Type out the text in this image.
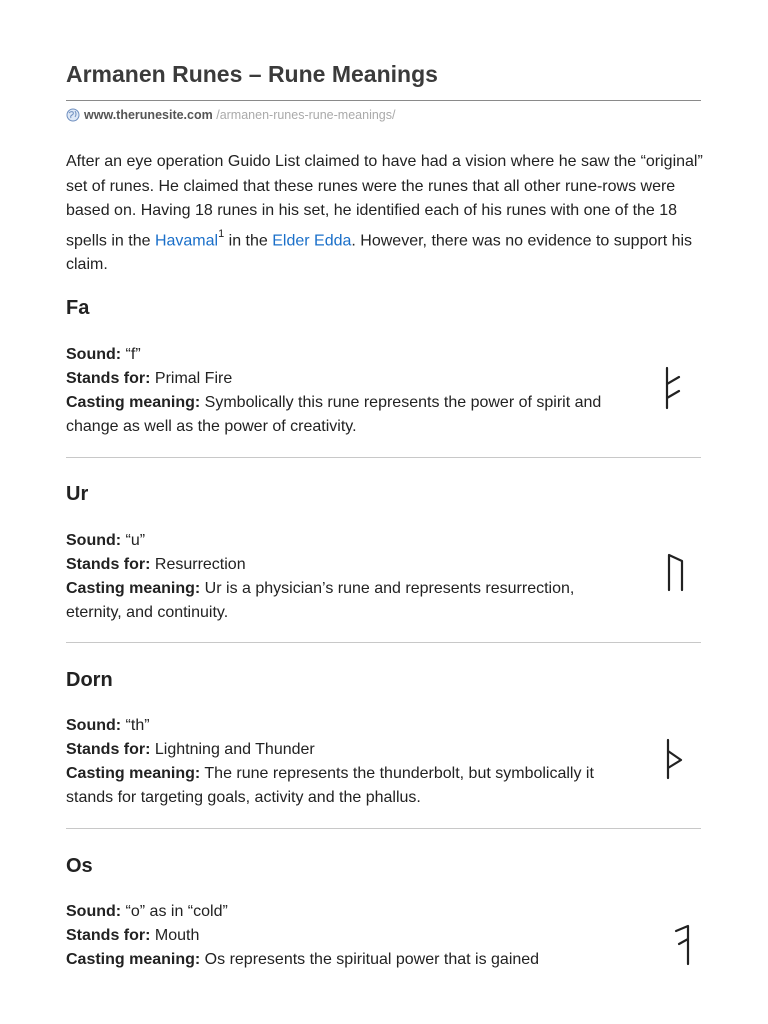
Armanen Runes – Rune Meanings
www.therunesite.com /armanen-runes-rune-meanings/

After an eye operation Guido List claimed to have had a vision where he saw the “original” set of runes. He claimed that these runes were the runes that all other rune-rows were based on. Having 18 runes in his set, he identified each of his runes with one of the 18 spells in the Havamal$^1$ in the Elder Edda. However, there was no evidence to support his claim.

Fa

Sound: “f”
Stands for: Primal Fire
Casting meaning: Symbolically this rune represents the power of spirit and change as well as the power of creativity.

Ur

Sound: “u”
Stands for: Resurrection
Casting meaning: Ur is a physician’s rune and represents resurrection, eternity, and continuity.

Dorn

Sound: “th”
Stands for: Lightning and Thunder
Casting meaning: The rune represents the thunderbolt, but symbolically it stands for targeting goals, activity and the phallus.

Os

Sound: “o” as in “cold”
Stands for: Mouth
Casting meaning: Os represents the spiritual power that is gained
